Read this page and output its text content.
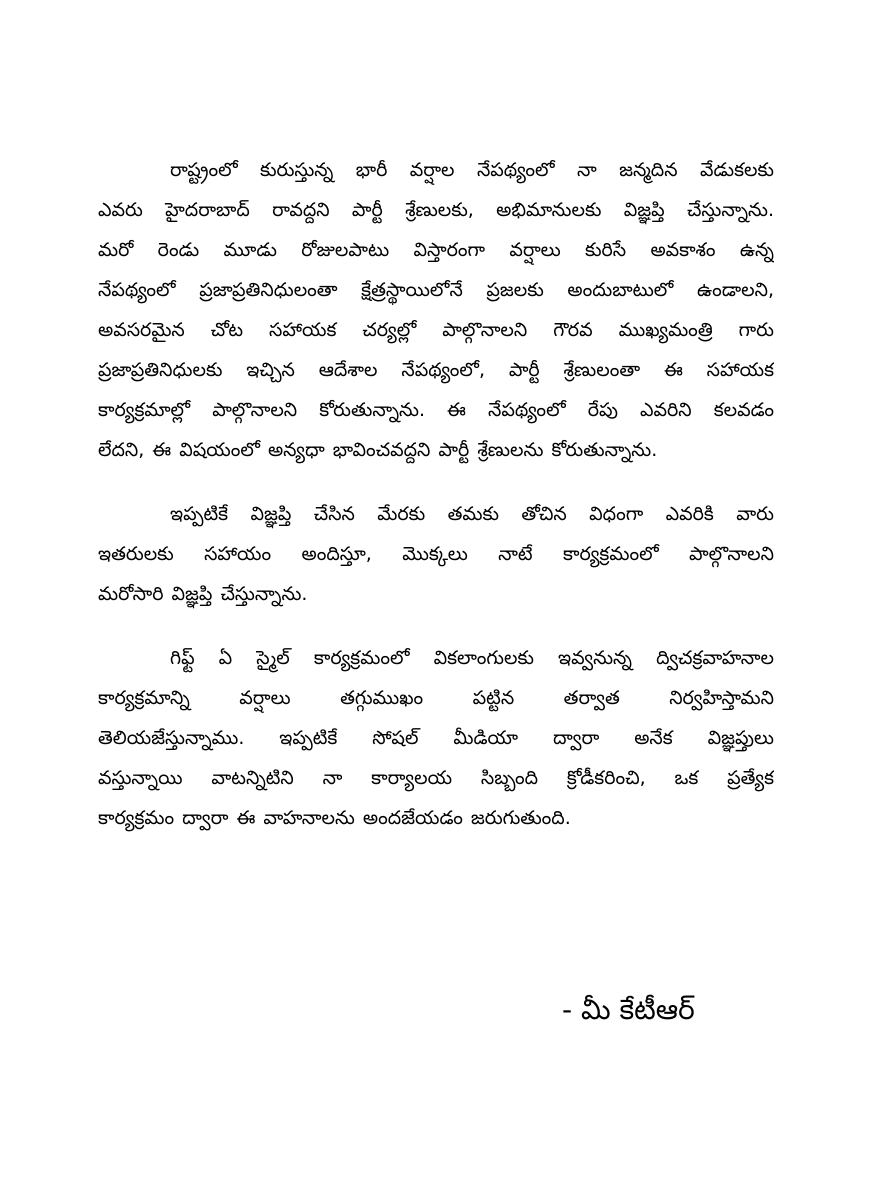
రాష్ట్రంలో కురుస్తున్న భారీ వర్షాల నేపథ్యంలో నా జన్మదిన వేడుకలకు
ఎవరు హైదరాబాద్ రావద్దని పార్టీ శ్రేణులకు, అభిమానులకు విజ్ఞప్తి చేస్తున్నాను.
మరో రెండు మూడు రోజులపాటు విస్తారంగా వర్షాలు కురిసే అవకాశం ఉన్న
నేపథ్యంలో ప్రజాప్రతినిధులంతా క్షేత్రస్థాయిలోనే ప్రజలకు అందుబాటులో ఉండాలని,
అవసరమైన చోట సహాయక చర్యల్లో పాల్గొనాలని గౌరవ ముఖ్యమంత్రి గారు
ప్రజాప్రతినిధులకు ఇచ్చిన ఆదేశాల నేపథ్యంలో, పార్టీ శ్రేణులంతా ఈ సహాయక
కార్యక్రమాల్లో పాల్గొనాలని కోరుతున్నాను. ఈ నేపథ్యంలో రేపు ఎవరిని కలవడం
లేదని, ఈ విషయంలో అన్యధా భావించవద్దని పార్టీ శ్రేణులను కోరుతున్నాను.

ఇప్పటికే విజ్ఞప్తి చేసిన మేరకు తమకు తోచిన విధంగా ఎవరికి వారు
ఇతరులకు సహాయం అందిస్తూ, మొక్కలు నాటే కార్యక్రమంలో పాల్గొనాలని
మరోసారి విజ్ఞప్తి చేస్తున్నాను.

గిఫ్ట్ ఏ స్మైల్ కార్యక్రమంలో వికలాంగులకు ఇవ్వనున్న ద్విచక్రవాహనాల
కార్యక్రమాన్ని వర్షాలు తగ్గుముఖం పట్టిన తర్వాత నిర్వహిస్తామని
తెలియజేస్తున్నాము. ఇప్పటికే సోషల్ మీడియా ద్వారా అనేక విజ్ఞప్తులు
వస్తున్నాయి వాటన్నిటిని నా కార్యాలయ సిబ్బంది క్రోడీకరించి, ఒక ప్రత్యేక
కార్యక్రమం ద్వారా ఈ వాహనాలను అందజేయడం జరుగుతుంది.

- మీ కేటీఆర్
